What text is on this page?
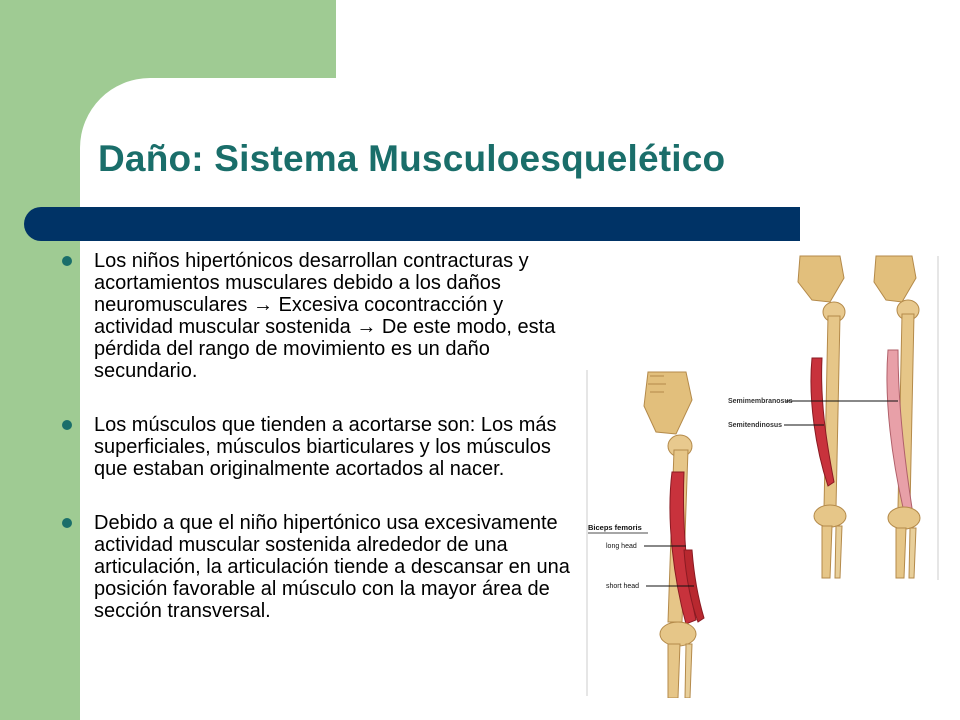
Daño: Sistema Musculoesquelético
Los niños hipertónicos desarrollan contracturas y acortamientos musculares debido a los daños neuromusculares → Excesiva cocontracción y actividad muscular sostenida → De este modo, esta pérdida del rango de movimiento es un daño secundario.
Los músculos que tienden a acortarse son: Los más superficiales, músculos biarticulares y los músculos que estaban originalmente acortados al nacer.
Debido a que el niño hipertónico usa excesivamente actividad muscular sostenida alrededor de una articulación, la articulación tiende a descansar en una posición favorable al músculo con la mayor área de sección transversal.
Semimembranosus
Semitendinosus
Biceps femoris
long head
short head
